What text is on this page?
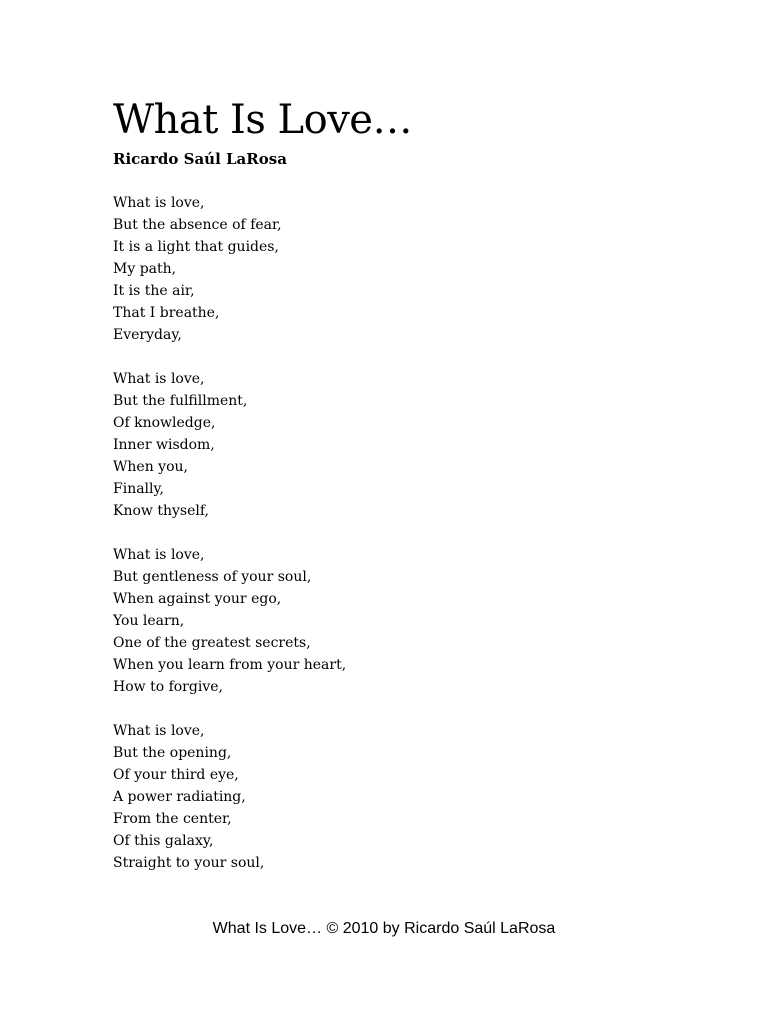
What Is Love…
Ricardo Saúl LaRosa
What is love,
But the absence of fear,
It is a light that guides,
My path,
It is the air,
That I breathe,
Everyday,
What is love,
But the fulfillment,
Of knowledge,
Inner wisdom,
When you,
Finally,
Know thyself,
What is love,
But gentleness of your soul,
When against your ego,
You learn,
One of the greatest secrets,
When you learn from your heart,
How to forgive,
What is love,
But the opening,
Of your third eye,
A power radiating,
From the center,
Of this galaxy,
Straight to your soul,
What Is Love… © 2010 by Ricardo Saúl LaRosa
